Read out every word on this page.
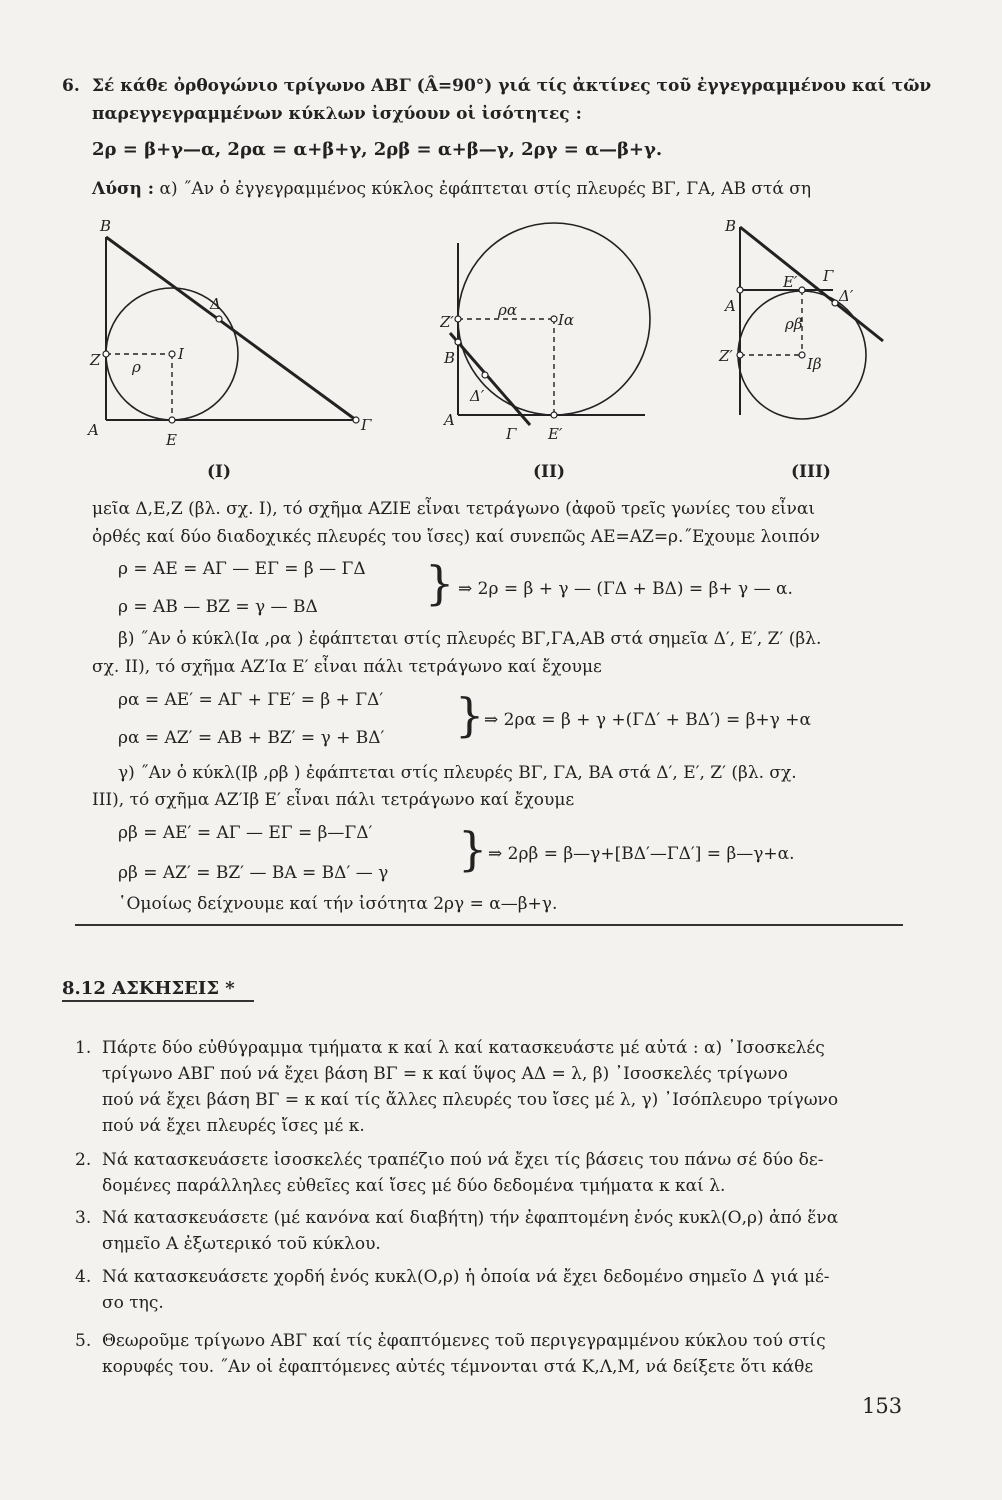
6. Σέ κάθε ὀρθογώνιο τρίγωνο ΑΒΓ (Â=90°) γιά τίς ἀκτίνες τοῦ ἐγγεγραμμένου καί τῶν
παρεγγεγραμμένων κύκλων ἰσχύουν οἱ ἰσότητες :
2ρ = β+γ—α, 2ρα = α+β+γ, 2ρβ = α+β—γ, 2ργ = α—β+γ.
Λύση : α) ˝Αν ὁ ἐγγεγραμμένος κύκλος ἐφάπτεται στίς πλευρές ΒΓ, ΓΑ, ΑΒ στά ση
B
Δ
Z ρ
I
A
E
Γ
(I)
ρα
Iα
Z′
B
Δ′
A
Γ E′
(II)
B
E′ Γ
Δ′
A
ρβ
Z′	Iβ
(III)
μεῖα Δ,Ε,Ζ (βλ. σχ. I), τό σχῆμα ΑΖΙΕ εἶναι τετράγωνο (ἀφοῦ τρεῖς γωνίες του εἶναι
ὀρθές καί δύο διαδοχικές πλευρές του ἴσες) καί συνεπῶς ΑΕ=ΑΖ=ρ.˝Εχουμε λοιπόν
ρ = ΑΕ = ΑΓ — ΕΓ = β — ΓΔ
ρ = ΑΒ — ΒΖ = γ — ΒΔ } ⇒ 2ρ = β + γ — (ΓΔ + ΒΔ) = β+ γ — α.
β) ˝Αν ὁ κύκλ(Iα ,ρα ) ἐφάπτεται στίς πλευρές ΒΓ,ΓΑ,ΑΒ στά σημεῖα Δ′, Ε′, Ζ′ (βλ.
σχ. II), τό σχῆμα ΑΖ′Iα Ε′ εἶναι πάλι τετράγωνο καί ἔχουμε
ρα = ΑΕ′ = ΑΓ + ΓΕ′ = β + ΓΔ′
ρα = ΑΖ′ = ΑΒ + ΒΖ′ = γ + ΒΔ′ } ⇒ 2ρα = β + γ +(ΓΔ′ + ΒΔ′) = β+γ +α
γ) ˝Αν ὁ κύκλ(Iβ ,ρβ ) ἐφάπτεται στίς πλευρές ΒΓ, ΓΑ, ΒΑ στά Δ′, Ε′, Ζ′ (βλ. σχ.
III), τό σχῆμα ΑΖ′Iβ Ε′ εἶναι πάλι τετράγωνο καί ἔχουμε
ρβ = ΑΕ′ = ΑΓ — ΕΓ = β—ΓΔ′
ρβ = ΑΖ′ = ΒΖ′ — ΒΑ = ΒΔ′ — γ } ⇒ 2ρβ = β—γ+[ΒΔ′—ΓΔ′] = β—γ+α.
῾Ομοίως δείχνουμε καί τήν ἰσότητα 2ργ = α—β+γ.
8.12 ΑΣΚΗΣΕΙΣ *
1. Πάρτε δύο εὐθύγραμμα τμήματα κ καί λ καί κατασκευάστε μέ αὐτά : α) ᾿Ισοσκελές
τρίγωνο ΑΒΓ πού νά ἔχει βάση ΒΓ = κ καί ὕψος ΑΔ = λ, β) ᾿Ισοσκελές τρίγωνο
πού νά ἔχει βάση ΒΓ = κ καί τίς ἄλλες πλευρές του ἴσες μέ λ, γ) ᾿Ισόπλευρο τρίγωνο
πού νά ἔχει πλευρές ἴσες μέ κ.
2. Νά κατασκευάσετε ἰσοσκελές τραπέζιο πού νά ἔχει τίς βάσεις του πάνω σέ δύο δε-
δομένες παράλληλες εὐθεῖες καί ἴσες μέ δύο δεδομένα τμήματα κ καί λ.
3. Νά κατασκευάσετε (μέ κανόνα καί διαβήτη) τήν ἐφαπτομένη ἑνός κυκλ(Ο,ρ) ἀπό ἕνα
σημεῖο Α ἐξωτερικό τοῦ κύκλου.
4. Νά κατασκευάσετε χορδή ἑνός κυκλ(Ο,ρ) ἡ ὁποία νά ἔχει δεδομένο σημεῖο Δ γιά μέ-
σο της.
5. Θεωροῦμε τρίγωνο ΑΒΓ καί τίς ἐφαπτόμενες τοῦ περιγεγραμμένου κύκλου τού στίς
κορυφές του. ˝Αν οἱ ἐφαπτόμενες αὐτές τέμνονται στά Κ,Λ,Μ, νά δείξετε ὅτι κάθε
153
